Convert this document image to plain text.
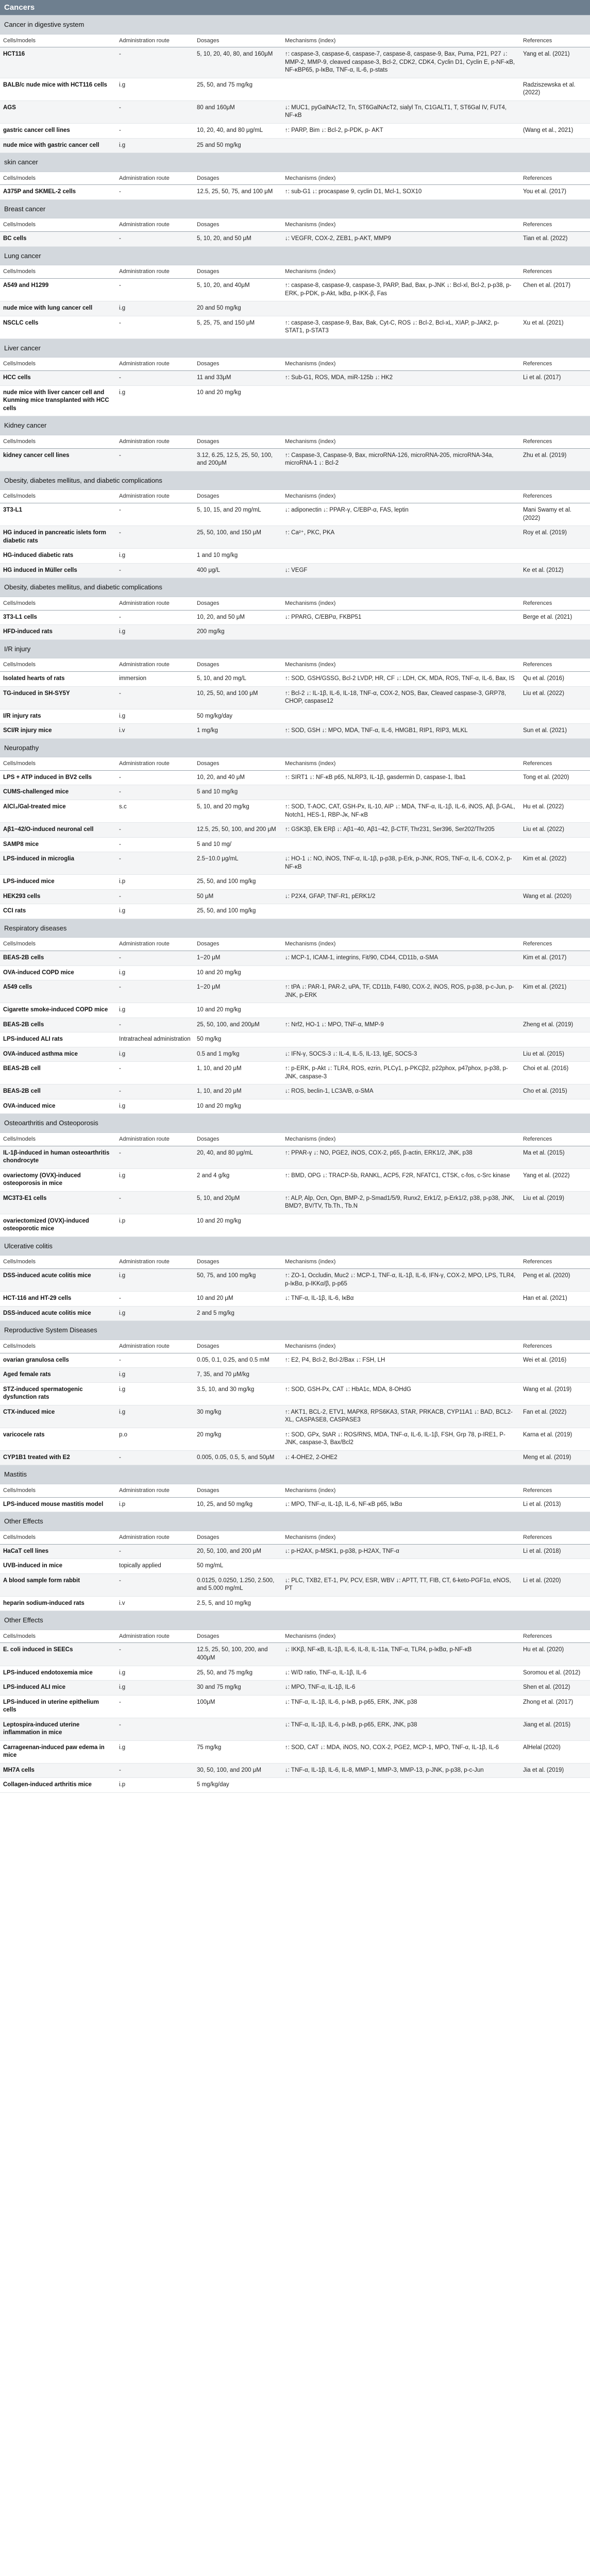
Cancers
Cancer in digestive system				
Cells/models	Administration route	Dosages	Mechanisms (index)	References
HCT116	-	5, 10, 20, 40, 80, and 160μM	↑: caspase-3, caspase-6, caspase-7, caspase-8, caspase-9, Bax, Puma, P21, P27 ↓: MMP-2, MMP-9, cleaved caspase-3, Bcl-2, CDK2, CDK4, Cyclin D1, Cyclin E, p-NF-κB, NF-κBP65, p-IκBα, TNF-α, IL-6, p-stats	Yang et al. (2021)
BALB/c nude mice with HCT116 cells	i.g	25, 50, and 75 mg/kg		Radziszewska et al. (2022)
AGS	-	80 and 160μM	↓: MUC1, pyGalNAcT2, Tn, ST6GalNAcT2, sialyl Tn, C1GALT1, T, ST6Gal IV, FUT4, NF-κB	
gastric cancer cell lines	-	10, 20, 40, and 80 μg/mL	↑: PARP, Bim ↓: Bcl-2, p-PDK, p- AKT	(Wang et al., 2021)
nude mice with gastric cancer cell	i.g	25 and 50 mg/kg		
skin cancer				
Cells/models	Administration route	Dosages	Mechanisms (index)	References
A375P and SKMEL-2 cells	-	12.5, 25, 50, 75, and 100 μM	↑: sub-G1 ↓: procaspase 9, cyclin D1, Mcl-1, SOX10	You et al. (2017)
Breast cancer				
Cells/models	Administration route	Dosages	Mechanisms (index)	References
BC cells	-	5, 10, 20, and 50 μM	↓: VEGFR, COX-2, ZEB1, p-AKT, MMP9	Tian et al. (2022)
Lung cancer				
Cells/models	Administration route	Dosages	Mechanisms (index)	References
A549 and H1299	-	5, 10, 20, and 40μM	↑: caspase-8, caspase-9, caspase-3, PARP, Bad, Bax, p-JNK ↓: Bcl-xl, Bcl-2, p-p38, p-ERK, p-PDK, p-Akt, IκBα, p-IKK-β, Fas	Chen et al. (2017)
nude mice with lung cancer cell	i.g	20 and 50 mg/kg		
NSCLC cells	-	5, 25, 75, and 150 μM	↑: caspase-3, caspase-9, Bax, Bak, Cyt-C, ROS ↓: Bcl-2, Bcl-xL, XIAP, p-JAK2, p-STAT1, p-STAT3	Xu et al. (2021)
Liver cancer				
Cells/models	Administration route	Dosages	Mechanisms (index)	References
HCC cells	-	11 and 33μM	↑: Sub-G1, ROS, MDA, miR-125b ↓: HK2	Li et al. (2017)
nude mice with liver cancer cell and Kunming mice transplanted with HCC cells	i.g	10 and 20 mg/kg		
Kidney cancer				
Cells/models	Administration route	Dosages	Mechanisms (index)	References
kidney cancer cell lines	-	3.12, 6.25, 12.5, 25, 50, 100, and 200μM	↑: Caspase-3, Caspase-9, Bax, microRNA-126, microRNA-205, microRNA-34a, microRNA-1 ↓: Bcl-2	Zhu et al. (2019)
Obesity, diabetes mellitus, and diabetic complications				
Cells/models	Administration route	Dosages	Mechanisms (index)	References
3T3-L1	-	5, 10, 15, and 20 mg/mL	↓: adiponectin ↓: PPAR-γ, C/EBP-α, FAS, leptin	Mani Swamy et al. (2022)
HG induced in pancreatic islets form diabetic rats	-	25, 50, 100, and 150 μM	↑: Ca²⁺, PKC, PKA	Roy et al. (2019)
HG-induced diabetic rats	i.g	1 and 10 mg/kg		
HG induced in Müller cells	-	400 μg/L	↓: VEGF	Ke et al. (2012)
Obesity, diabetes mellitus, and diabetic complications				
Cells/models	Administration route	Dosages	Mechanisms (index)	References
3T3-L1 cells	-	10, 20, and 50 μM	↓: PPARG, C/EBPα, FKBP51	Berge et al. (2021)
HFD-induced rats	i.g	200 mg/kg		
I/R injury				
Cells/models	Administration route	Dosages	Mechanisms (index)	References
Isolated hearts of rats	immersion	5, 10, and 20 mg/L	↑: SOD, GSH/GSSG, Bcl-2 LVDP, HR, CF ↓: LDH, CK, MDA, ROS, TNF-α, IL-6, Bax, IS	Qu et al. (2016)
TG-induced in SH-SY5Y	-	10, 25, 50, and 100 μM	↑: Bcl-2 ↓: IL-1β, IL-6, IL-18, TNF-α, COX-2, NOS, Bax, Cleaved caspase-3, GRP78, CHOP, caspase12	Liu et al. (2022)
I/R injury rats	i.g	50 mg/kg/day		
SCI/R injury mice	i.v	1 mg/kg	↑: SOD, GSH ↓: MPO, MDA, TNF-α, IL-6, HMGB1, RIP1, RIP3, MLKL	Sun et al. (2021)
Neuropathy				
Cells/models	Administration route	Dosages	Mechanisms (index)	References
LPS + ATP induced in BV2 cells	-	10, 20, and 40 μM	↑: SIRT1 ↓: NF-κB p65, NLRP3, IL-1β, gasdermin D, caspase-1, Iba1	Tong et al. (2020)
CUMS-challenged mice	-	5 and 10 mg/kg		
AlCl₃/Gal-treated mice	s.c	5, 10, and 20 mg/kg	↑: SOD, T-AOC, CAT, GSH-Px, IL-10, AIP ↓: MDA, TNF-α, IL-1β, IL-6, iNOS, Aβ, β-GAL, Notch1, HES-1, RBP-Jκ, NF-κB	Hu et al. (2022)
Aβ1−42/O-induced neuronal cell	-	12.5, 25, 50, 100, and 200 μM	↑: GSK3β, Elk ERβ ↓: Aβ1−40, Aβ1−42, β-CTF, Thr231, Ser396, Ser202/Thr205	Liu et al. (2022)
SAMP8 mice	-	5 and 10 mg/		
LPS-induced in microglia	-	2.5−10.0 μg/mL	↓: HO-1 ↓: NO, iNOS, TNF-α, IL-1β, p-p38, p-Erk, p-JNK, ROS, TNF-α, IL-6, COX-2, p-NF-κB	Kim et al. (2022)
LPS-induced mice	i.p	25, 50, and 100 mg/kg		
HEK293 cells	-	50 μM	↓: P2X4, GFAP, TNF-R1, pERK1/2	Wang et al. (2020)
CCI rats	i.g	25, 50, and 100 mg/kg		
Respiratory diseases				
Cells/models	Administration route	Dosages	Mechanisms (index)	References
BEAS-2B cells	-	1−20 μM	↓: MCP-1, ICAM-1, integrins, Fit/90, CD44, CD11b, α-SMA	Kim et al. (2017)
OVA-induced COPD mice	i.g	10 and 20 mg/kg		
A549 cells	-	1−20 μM	↑: tPA ↓: PAR-1, PAR-2, uPA, TF, CD11b, F4/80, COX-2, iNOS, ROS, p-p38, p-c-Jun, p-JNK, p-ERK	Kim et al. (2021)
Cigarette smoke-induced COPD mice	i.g	10 and 20 mg/kg		
BEAS-2B cells	-	25, 50, 100, and 200μM	↑: Nrf2, HO-1 ↓: MPO, TNF-α, MMP-9	Zheng et al. (2019)
LPS-induced ALI rats	Intratracheal administration	50 mg/kg		
OVA-induced asthma mice	i.g	0.5 and 1 mg/kg	↓: IFN-γ, SOCS-3 ↓: IL-4, IL-5, IL-13, IgE, SOCS-3	Liu et al. (2015)
BEAS-2B cell	-	1, 10, and 20 μM	↑: p-ERK, p-Akt ↓: TLR4, ROS, ezrin, PLCγ1, p-PKCβ2, p22phox, p47phox, p-p38, p-JNK, caspase-3	Choi et al. (2016)
BEAS-2B cell	-	1, 10, and 20 μM	↓: ROS, beclin-1, LC3A/B, α-SMA	Cho et al. (2015)
OVA-induced mice	i.g	10 and 20 mg/kg		
Osteoarthritis and Osteoporosis				
Cells/models	Administration route	Dosages	Mechanisms (index)	References
IL-1β-induced in human osteoarthritis chondrocyte	-	20, 40, and 80 μg/mL	↑: PPAR-γ ↓: NO, PGE2, iNOS, COX-2, p65, β-actin, ERK1/2, JNK, p38	Ma et al. (2015)
ovariectomy (OVX)-induced osteoporosis in mice	i.g	2 and 4 g/kg	↑: BMD, OPG ↓: TRACP-5b, RANKL, ACP5, F2R, NFATC1, CTSK, c-fos, c-Src kinase	Yang et al. (2022)
MC3T3-E1 cells	-	5, 10, and 20μM	↑: ALP, Alp, Ocn, Opn, BMP-2, p-Smad1/5/9, Runx2, Erk1/2, p-Erk1/2, p38, p-p38, JNK, BMD?, BV/TV, Tb.Th., Tb.N	Liu et al. (2019)
ovariectomized (OVX)-induced osteoporotic mice	i.p	10 and 20 mg/kg		
Ulcerative colitis				
Cells/models	Administration route	Dosages	Mechanisms (index)	References
DSS-induced acute colitis mice	i.g	50, 75, and 100 mg/kg	↑: ZO-1, Occludin, Muc2 ↓: MCP-1, TNF-α, IL-1β, IL-6, IFN-γ, COX-2, MPO, LPS, TLR4, p-IκBα, p-IKKα/β, p-p65	Peng et al. (2020)
HCT-116 and HT-29 cells	-	10 and 20 μM	↓: TNF-α, IL-1β, IL-6, IκBα	Han et al. (2021)
DSS-induced acute colitis mice	i.g	2 and 5 mg/kg		
Reproductive System Diseases				
Cells/models	Administration route	Dosages	Mechanisms (index)	References
ovarian granulosa cells	-	0.05, 0.1, 0.25, and 0.5 mM	↑: E2, P4, Bcl-2, Bcl-2/Bax ↓: FSH, LH	Wei et al. (2016)
Aged female rats	i.g	7, 35, and 70 μM/kg		
STZ-induced spermatogenic dysfunction rats	i.g	3.5, 10, and 30 mg/kg	↑: SOD, GSH-Px, CAT ↓: HbA1c, MDA, 8-OHdG	Wang et al. (2019)
CTX-induced mice	i.g	30 mg/kg	↑: AKT1, BCL-2, ETV1, MAPK8, RPS6KA3, STAR, PRKACB, CYP11A1 ↓: BAD, BCL2-XL, CASPASE8, CASPASE3	Fan et al. (2022)
varicocele rats	p.o	20 mg/kg	↑: SOD, GPx, StAR ↓: ROS/RNS, MDA, TNF-α, IL-6, IL-1β, FSH, Grp 78, p-IRE1, P-JNK, caspase-3, Bax/Bcl2	Karna et al. (2019)
CYP1B1 treated with E2	-	0.005, 0.05, 0.5, 5, and 50μM	↓: 4-OHE2, 2-OHE2	Meng et al. (2019)
Mastitis				
Cells/models	Administration route	Dosages	Mechanisms (index)	References
LPS-induced mouse mastitis model	i.p	10, 25, and 50 mg/kg	↓: MPO, TNF-α, IL-1β, IL-6, NF-κB p65, IκBα	Li et al. (2013)
Other Effects				
Cells/models	Administration route	Dosages	Mechanisms (index)	References
HaCaT cell lines	-	20, 50, 100, and 200 μM	↓: p-H2AX, p-MSK1, p-p38, p-H2AX, TNF-α	Li et al. (2018)
UVB-induced in mice	topically applied	50 mg/mL		
A blood sample form rabbit	-	0.0125, 0.0250, 1.250, 2.500, and 5.000 mg/mL	↓: PLC, TXB2, ET-1, PV, PCV, ESR, WBV ↓: APTT, TT, FIB, CT, 6-keto-PGF1α, eNOS, PT	Li et al. (2020)
heparin sodium-induced rats	i.v	2.5, 5, and 10 mg/kg		
Other Effects				
Cells/models	Administration route	Dosages	Mechanisms (index)	References
E. coli induced in SEECs	-	12.5, 25, 50, 100, 200, and 400μM	↓: IKKβ, NF-κB, IL-1β, IL-6, IL-8, IL-11a, TNF-α, TLR4, p-IκBα, p-NF-κB	Hu et al. (2020)
LPS-induced endotoxemia mice	i.g	25, 50, and 75 mg/kg	↓: W/D ratio, TNF-α, IL-1β, IL-6	Soromou et al. (2012)
LPS-induced ALI mice	i.g	30 and 75 mg/kg	↓: MPO, TNF-α, IL-1β, IL-6	Shen et al. (2012)
LPS-induced in uterine epithelium cells	-	100μM	↓: TNF-α, IL-1β, IL-6, p-IκB, p-p65, ERK, JNK, p38	Zhong et al. (2017)
Leptospira-induced uterine inflammation in mice	-		↓: TNF-α, IL-1β, IL-6, p-IκB, p-p65, ERK, JNK, p38	Jiang et al. (2015)
Carrageenan-induced paw edema in mice	i.g	75 mg/kg	↑: SOD, CAT ↓: MDA, iNOS, NO, COX-2, PGE2, MCP-1, MPO, TNF-α, IL-1β, IL-6	AlHelal (2020)
MH7A cells	-	30, 50, 100, and 200 μM	↓: TNF-α, IL-1β, IL-6, IL-8, MMP-1, MMP-3, MMP-13, p-JNK, p-p38, p-c-Jun	Jia et al. (2019)
Collagen-induced arthritis mice	i.p	5 mg/kg/day		
